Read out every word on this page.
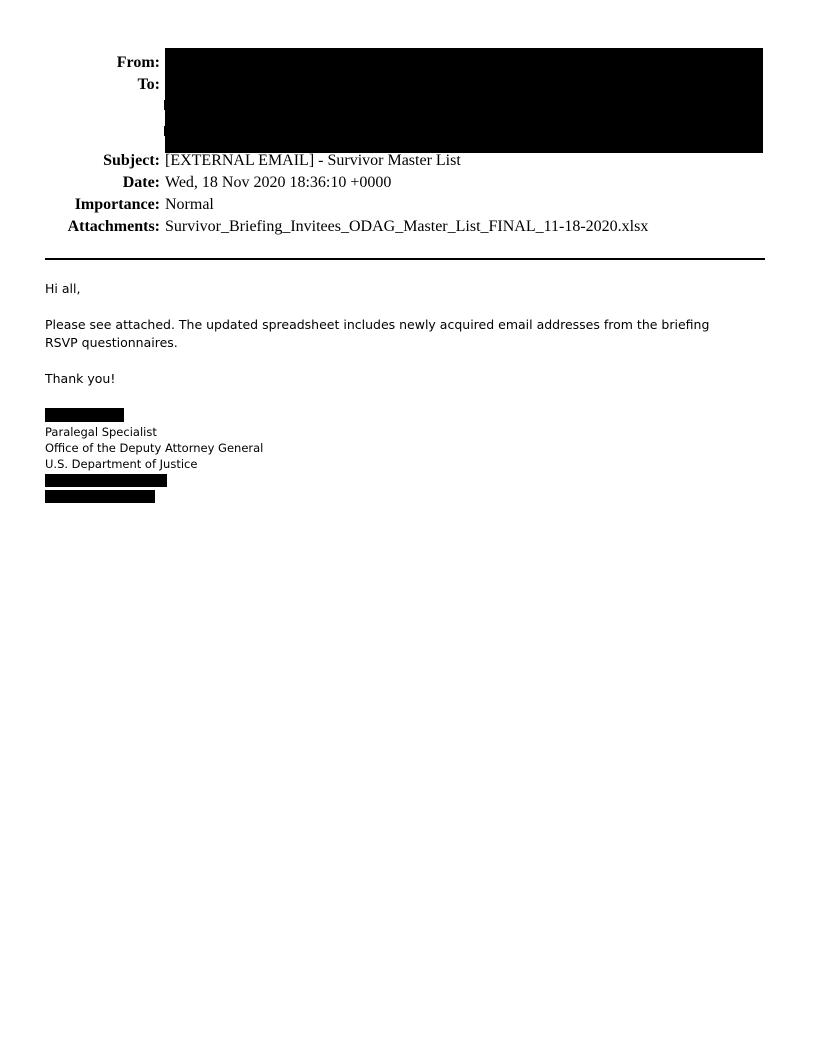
From:
To:
Subject: [EXTERNAL EMAIL] - Survivor Master List
Date: Wed, 18 Nov 2020 18:36:10 +0000
Importance: Normal
Attachments: Survivor_Briefing_Invitees_ODAG_Master_List_FINAL_11-18-2020.xlsx
Hi all,
Please see attached. The updated spreadsheet includes newly acquired email addresses from the briefing RSVP questionnaires.
Thank you!
Paralegal Specialist
Office of the Deputy Attorney General
U.S. Department of Justice
